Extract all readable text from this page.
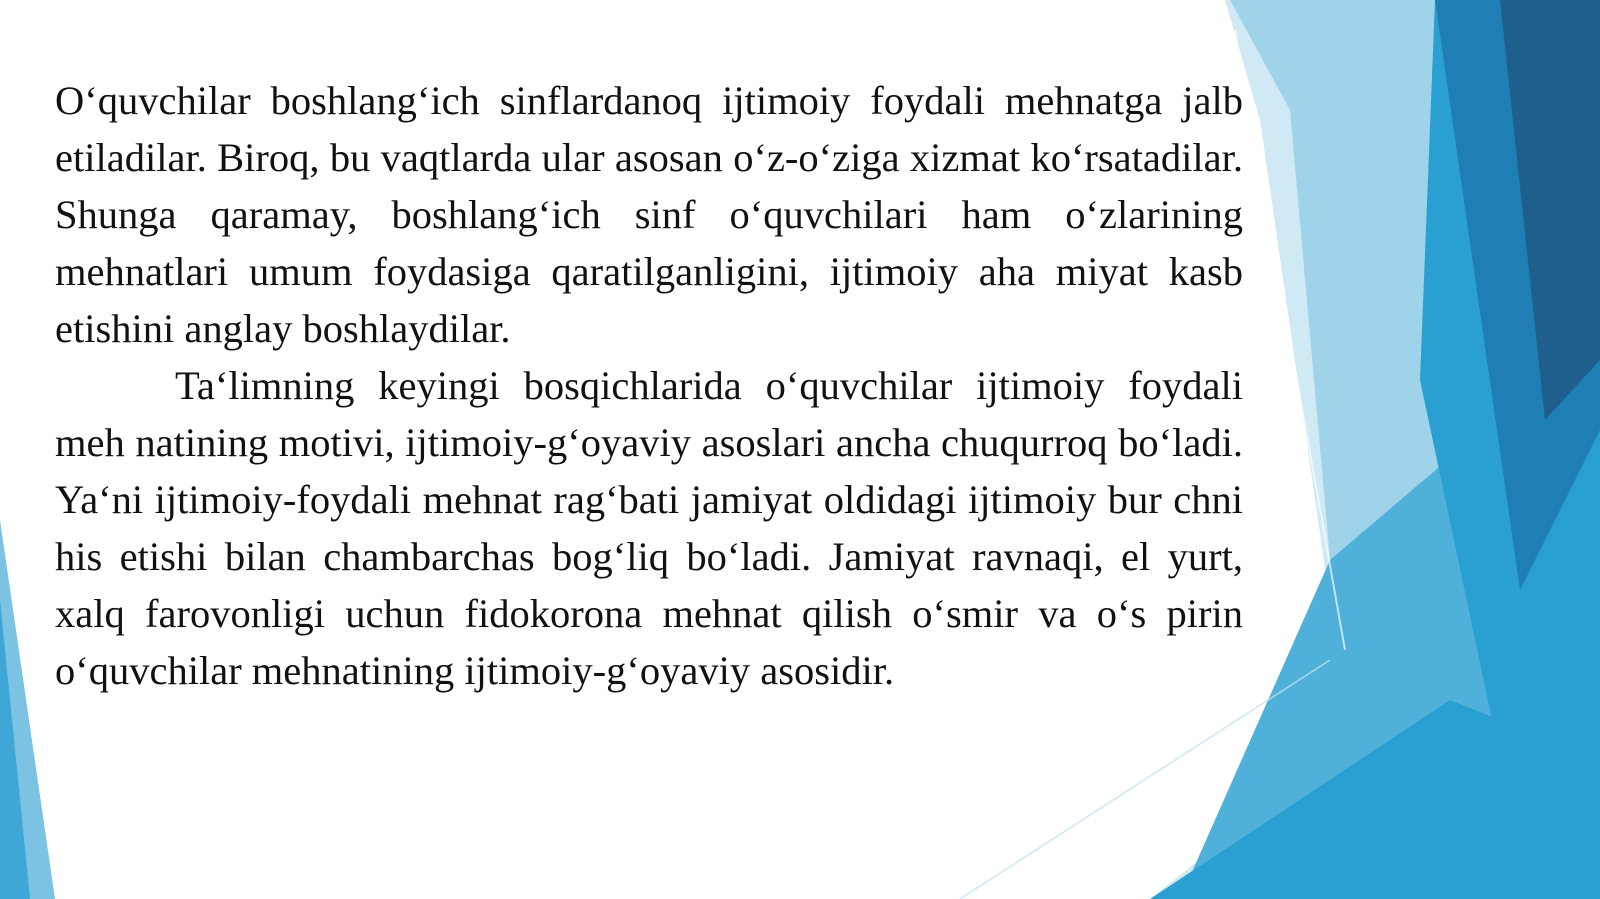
O‘quvchilar boshlang‘ich sinflardanoq ijtimoiy foydali mehnatga jalb etiladilar. Biroq, bu vaqtlarda ular asosan o‘z-o‘ziga xizmat ko‘rsatadilar. Shunga qaramay, boshlang‘ich sinf o‘quvchilari ham o‘zlarining mehnatlari umum foydasiga qaratilganligini, ijtimoiy aha miyat kasb etishini anglay boshlaydilar.

Ta‘limning keyingi bosqichlarida o‘quvchilar ijtimoiy foydali meh natining motivi, ijtimoiy-g‘oyaviy asoslari ancha chuqurroq bo‘ladi. Ya‘ni ijtimoiy-foydali mehnat rag‘bati jamiyat oldidagi ijtimoiy bur chni his etishi bilan chambarchas bog‘liq bo‘ladi. Jamiyat ravnaqi, el yurt, xalq farovonligi uchun fidokorona mehnat qilish o‘smir va o‘s pirin o‘quvchilar mehnatining ijtimoiy-g‘oyaviy asosidir.
